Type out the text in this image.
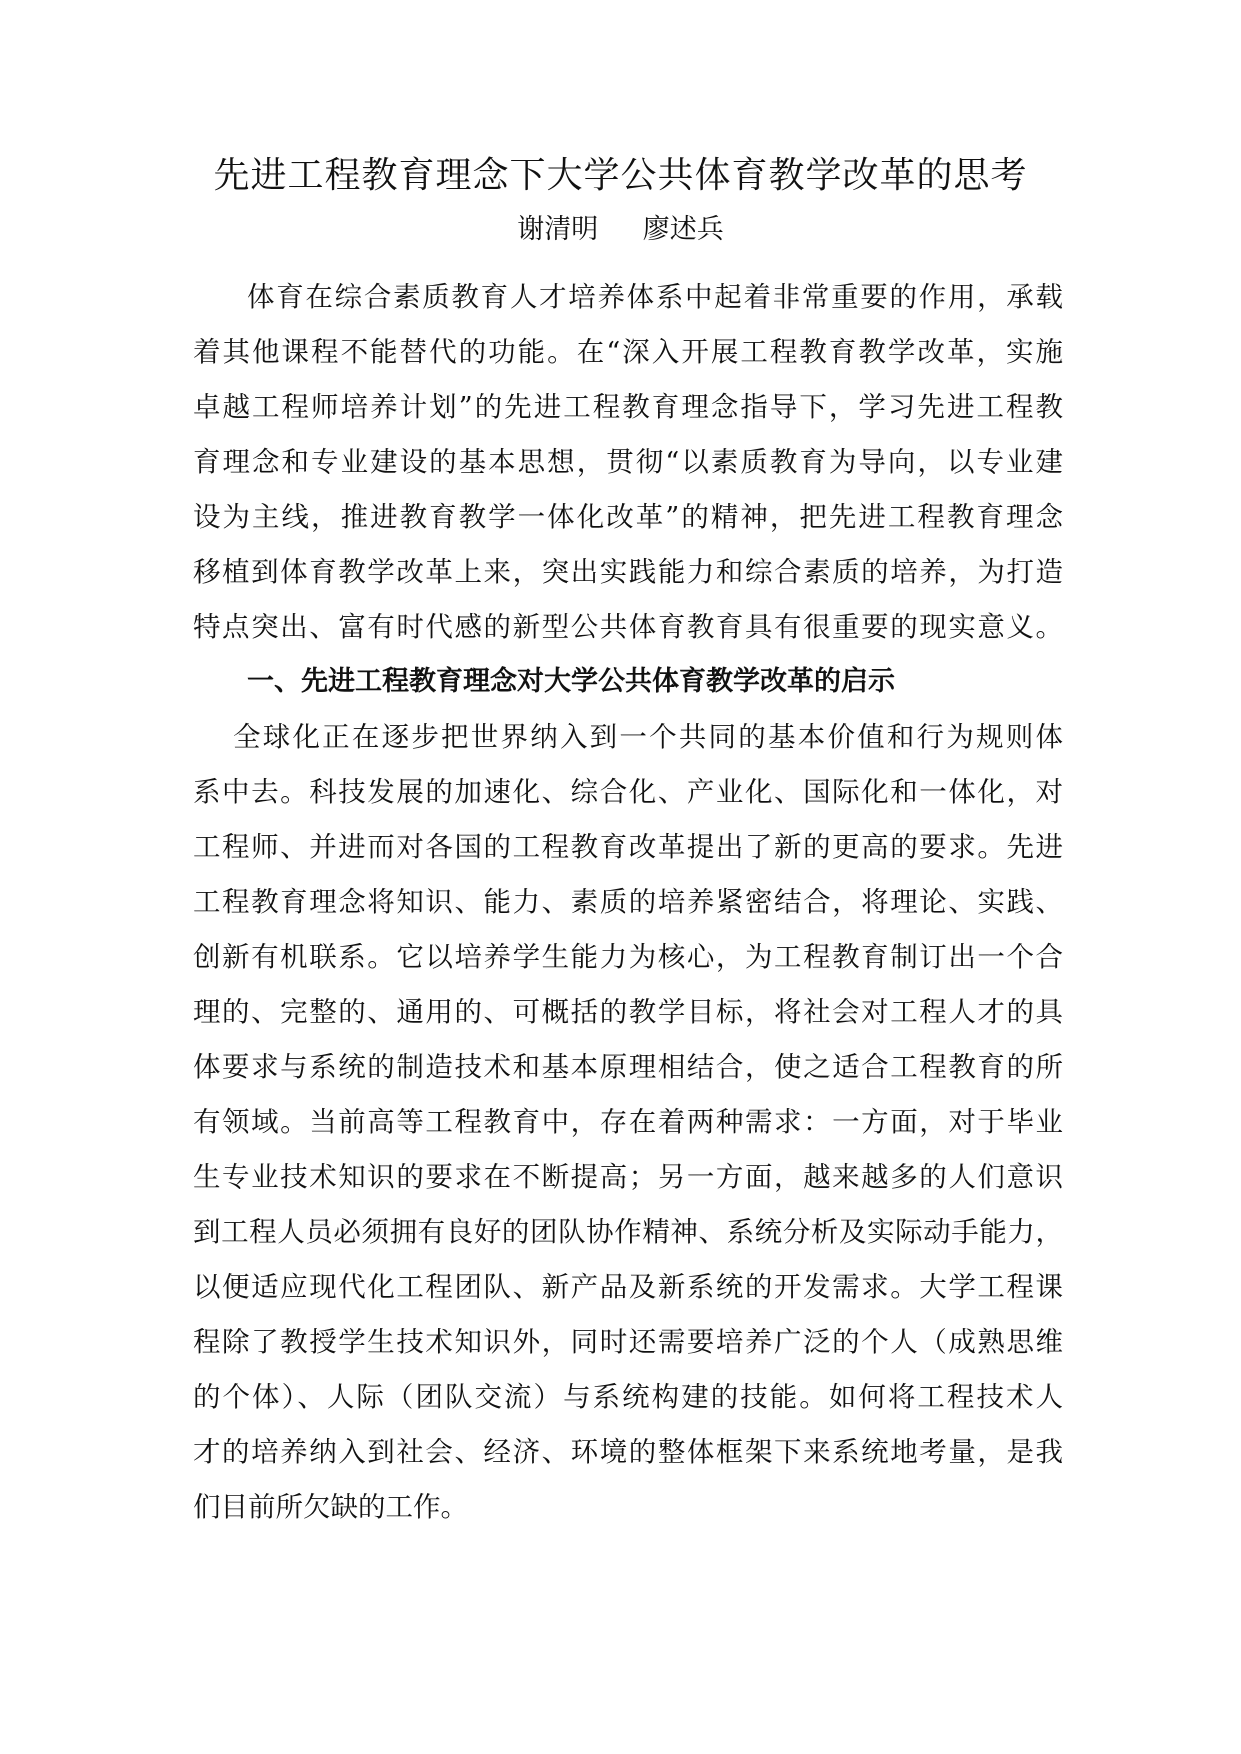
先进工程教育理念下大学公共体育教学改革的思考
谢清明 廖述兵
体育在综合素质教育人才培养体系中起着非常重要的作用，承载
着其他课程不能替代的功能。在“深入开展工程教育教学改革，实施
卓越工程师培养计划”的先进工程教育理念指导下，学习先进工程教
育理念和专业建设的基本思想，贯彻“以素质教育为导向，以专业建
设为主线，推进教育教学一体化改革”的精神，把先进工程教育理念
移植到体育教学改革上来，突出实践能力和综合素质的培养，为打造
特点突出、富有时代感的新型公共体育教育具有很重要的现实意义。
全球化正在逐步把世界纳入到一个共同的基本价值和行为规则体
系中去。科技发展的加速化、综合化、产业化、国际化和一体化，对
工程师、并进而对各国的工程教育改革提出了新的更高的要求。先进
工程教育理念将知识、能力、素质的培养紧密结合，将理论、实践、
创新有机联系。它以培养学生能力为核心，为工程教育制订出一个合
理的、完整的、通用的、可概括的教学目标，将社会对工程人才的具
体要求与系统的制造技术和基本原理相结合，使之适合工程教育的所
有领域。当前高等工程教育中，存在着两种需求：一方面，对于毕业
生专业技术知识的要求在不断提高；另一方面，越来越多的人们意识
到工程人员必须拥有良好的团队协作精神、系统分析及实际动手能力，
以便适应现代化工程团队、新产品及新系统的开发需求。大学工程课
程除了教授学生技术知识外，同时还需要培养广泛的个人（成熟思维
的个体）、人际（团队交流）与系统构建的技能。如何将工程技术人
才的培养纳入到社会、经济、环境的整体框架下来系统地考量，是我
们目前所欠缺的工作。
一、先进工程教育理念对大学公共体育教学改革的启示
